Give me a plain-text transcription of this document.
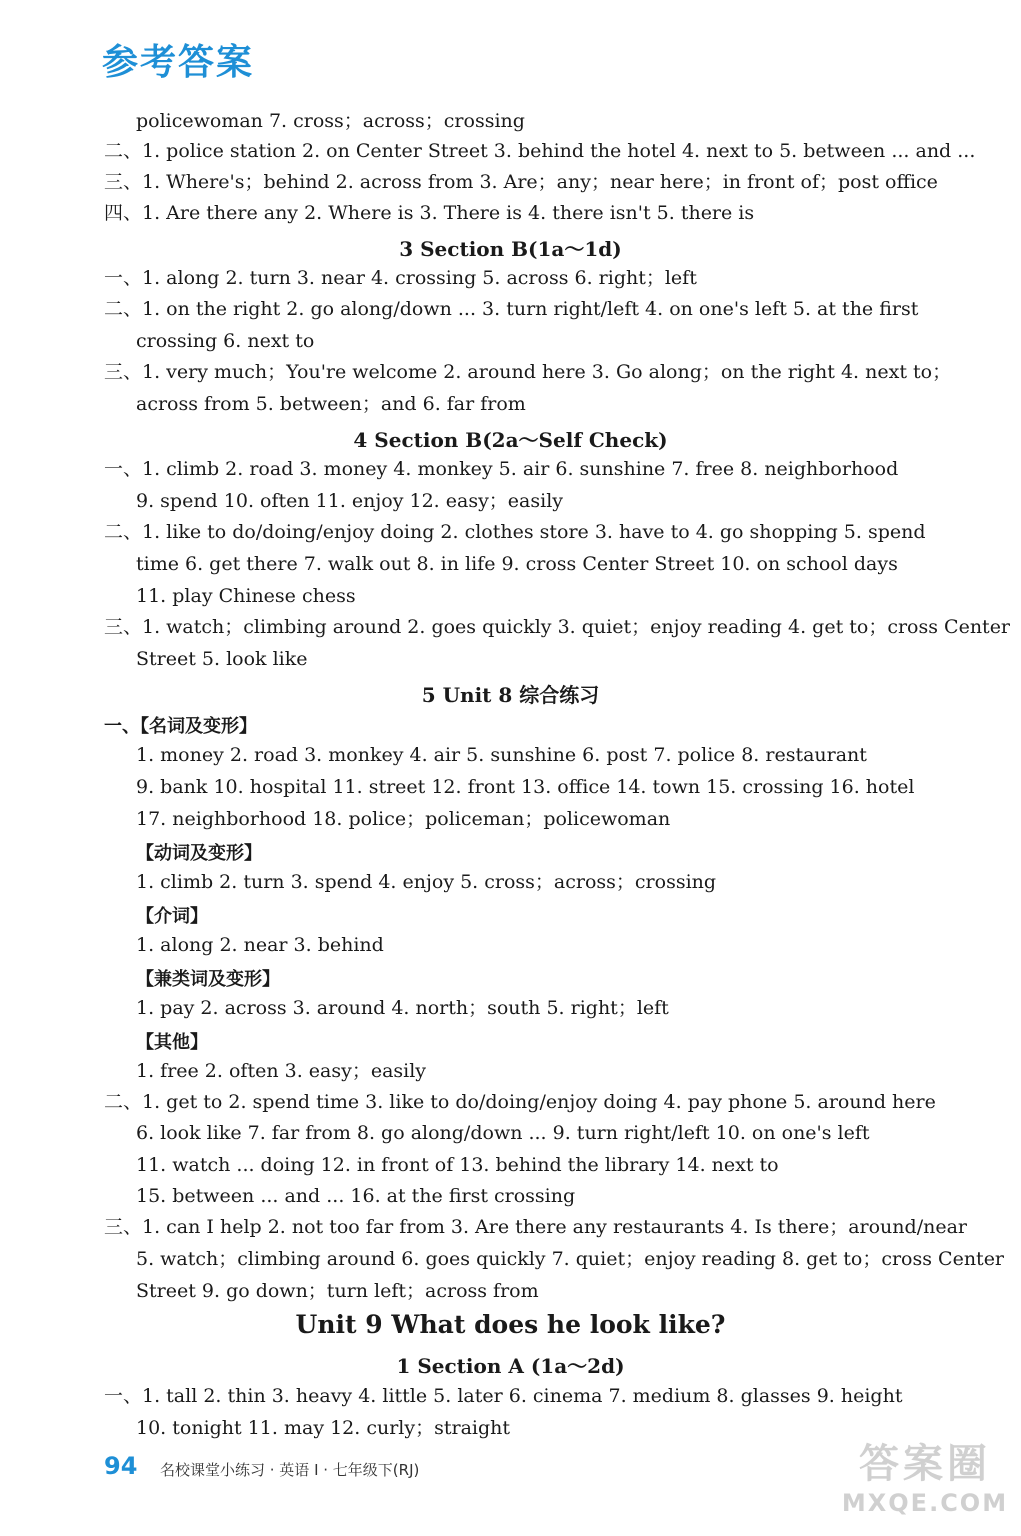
参考答案
policewoman 7. cross；across；crossing
二、1. police station 2. on Center Street 3. behind the hotel 4. next to 5. between ... and ...
三、1. Where's；behind 2. across from 3. Are；any；near here；in front of；post office
四、1. Are there any 2. Where is 3. There is 4. there isn't 5. there is
3 Section B(1a～1d)
一、1. along 2. turn 3. near 4. crossing 5. across 6. right；left
二、1. on the right 2. go along/down ... 3. turn right/left 4. on one's left 5. at the first
crossing 6. next to
三、1. very much；You're welcome 2. around here 3. Go along；on the right 4. next to；
across from 5. between；and 6. far from
4 Section B(2a～Self Check)
一、1. climb 2. road 3. money 4. monkey 5. air 6. sunshine 7. free 8. neighborhood
9. spend 10. often 11. enjoy 12. easy；easily
二、1. like to do/doing/enjoy doing 2. clothes store 3. have to 4. go shopping 5. spend
time 6. get there 7. walk out 8. in life 9. cross Center Street 10. on school days
11. play Chinese chess
三、1. watch；climbing around 2. goes quickly 3. quiet；enjoy reading 4. get to；cross Center
Street 5. look like
5 Unit 8 综合练习
一、【名词及变形】
1. money 2. road 3. monkey 4. air 5. sunshine 6. post 7. police 8. restaurant
9. bank 10. hospital 11. street 12. front 13. office 14. town 15. crossing 16. hotel
17. neighborhood 18. police；policeman；policewoman
【动词及变形】
1. climb 2. turn 3. spend 4. enjoy 5. cross；across；crossing
【介词】
1. along 2. near 3. behind
【兼类词及变形】
1. pay 2. across 3. around 4. north；south 5. right；left
【其他】
1. free 2. often 3. easy；easily
二、1. get to 2. spend time 3. like to do/doing/enjoy doing 4. pay phone 5. around here
6. look like 7. far from 8. go along/down ... 9. turn right/left 10. on one's left
11. watch ... doing 12. in front of 13. behind the library 14. next to
15. between ... and ... 16. at the first crossing
三、1. can I help 2. not too far from 3. Are there any restaurants 4. Is there；around/near
5. watch；climbing around 6. goes quickly 7. quiet；enjoy reading 8. get to；cross Center
Street 9. go down；turn left；across from
Unit 9 What does he look like?
1 Section A (1a～2d)
一、1. tall 2. thin 3. heavy 4. little 5. later 6. cinema 7. medium 8. glasses 9. height
10. tonight 11. may 12. curly；straight
94 名校课堂小练习 · 英语 Ⅰ · 七年级下(RJ)	答案圈
MXQE.COM
